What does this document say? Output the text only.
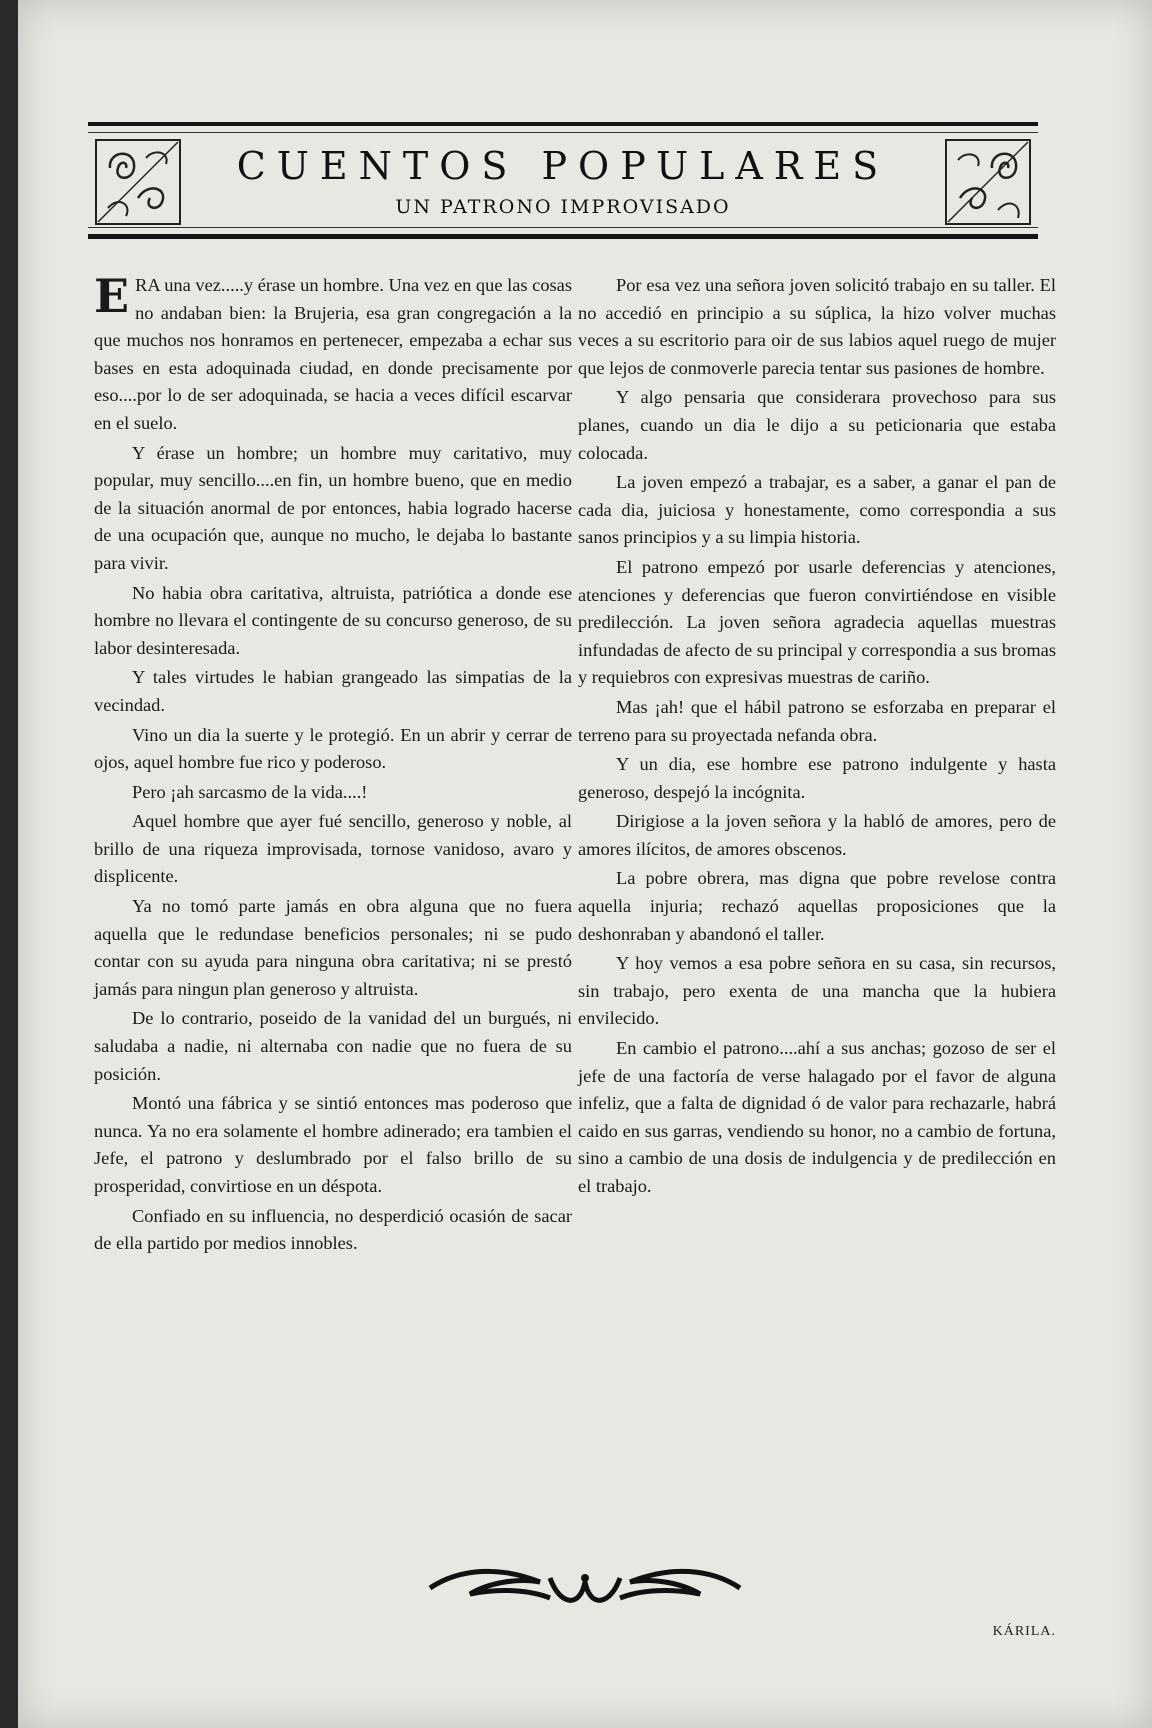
CUENTOS POPULARES
UN PATRONO IMPROVISADO

ERA una vez.....y érase un hombre. Una vez en que las cosas no andaban bien: la Brujeria, esa gran congregación a la que muchos nos honramos en pertenecer, empezaba a echar sus bases en esta adoquinada ciudad, en donde precisamente por eso....por lo de ser adoquinada, se hacia a veces difícil escarvar en el suelo.

Y érase un hombre; un hombre muy caritativo, muy popular, muy sencillo....en fin, un hombre bueno, que en medio de la situación anormal de por entonces, habia logrado hacerse de una ocupación que, aunque no mucho, le dejaba lo bastante para vivir.

No habia obra caritativa, altruista, patriótica a donde ese hombre no llevara el contingente de su concurso generoso, de su labor desinteresada.

Y tales virtudes le habian grangeado las simpatias de la vecindad.

Vino un dia la suerte y le protegió. En un abrir y cerrar de ojos, aquel hombre fue rico y poderoso.

Pero ¡ah sarcasmo de la vida....!

Aquel hombre que ayer fué sencillo, generoso y noble, al brillo de una riqueza improvisada, tornose vanidoso, avaro y displicente.

Ya no tomó parte jamás en obra alguna que no fuera aquella que le redundase beneficios personales; ni se pudo contar con su ayuda para ninguna obra caritativa; ni se prestó jamás para ningun plan generoso y altruista.

De lo contrario, poseido de la vanidad del un burgués, ni saludaba a nadie, ni alternaba con nadie que no fuera de su posición.

Montó una fábrica y se sintió entonces mas poderoso que nunca. Ya no era solamente el hombre adinerado; era tambien el Jefe, el patrono y deslumbrado por el falso brillo de su prosperidad, convirtiose en un déspota.

Confiado en su influencia, no desperdició ocasión de sacar de ella partido por medios innobles.

Por esa vez una señora joven solicitó trabajo en su taller. El no accedió en principio a su súplica, la hizo volver muchas veces a su escritorio para oir de sus labios aquel ruego de mujer que lejos de conmoverle parecia tentar sus pasiones de hombre.

Y algo pensaria que considerara provechoso para sus planes, cuando un dia le dijo a su peticionaria que estaba colocada.

La joven empezó a trabajar, es a saber, a ganar el pan de cada dia, juiciosa y honestamente, como correspondia a sus sanos principios y a su limpia historia.

El patrono empezó por usarle deferencias y atenciones, atenciones y deferencias que fueron convirtiéndose en visible predilección. La joven señora agradecia aquellas muestras infundadas de afecto de su principal y correspondia a sus bromas y requiebros con expresivas muestras de cariño.

Mas ¡ah! que el hábil patrono se esforzaba en preparar el terreno para su proyectada nefanda obra.

Y un dia, ese hombre ese patrono indulgente y hasta generoso, despejó la incógnita.

Dirigiose a la joven señora y la habló de amores, pero de amores ilícitos, de amores obscenos.

La pobre obrera, mas digna que pobre revelose contra aquella injuria; rechazó aquellas proposiciones que la deshonraban y abandonó el taller.

Y hoy vemos a esa pobre señora en su casa, sin recursos, sin trabajo, pero exenta de una mancha que la hubiera envilecido.

En cambio el patrono....ahí a sus anchas; gozoso de ser el jefe de una factoría de verse halagado por el favor de alguna infeliz, que a falta de dignidad ó de valor para rechazarle, habrá caido en sus garras, vendiendo su honor, no a cambio de fortuna, sino a cambio de una dosis de indulgencia y de predilección en el trabajo.

KÁRILA.
